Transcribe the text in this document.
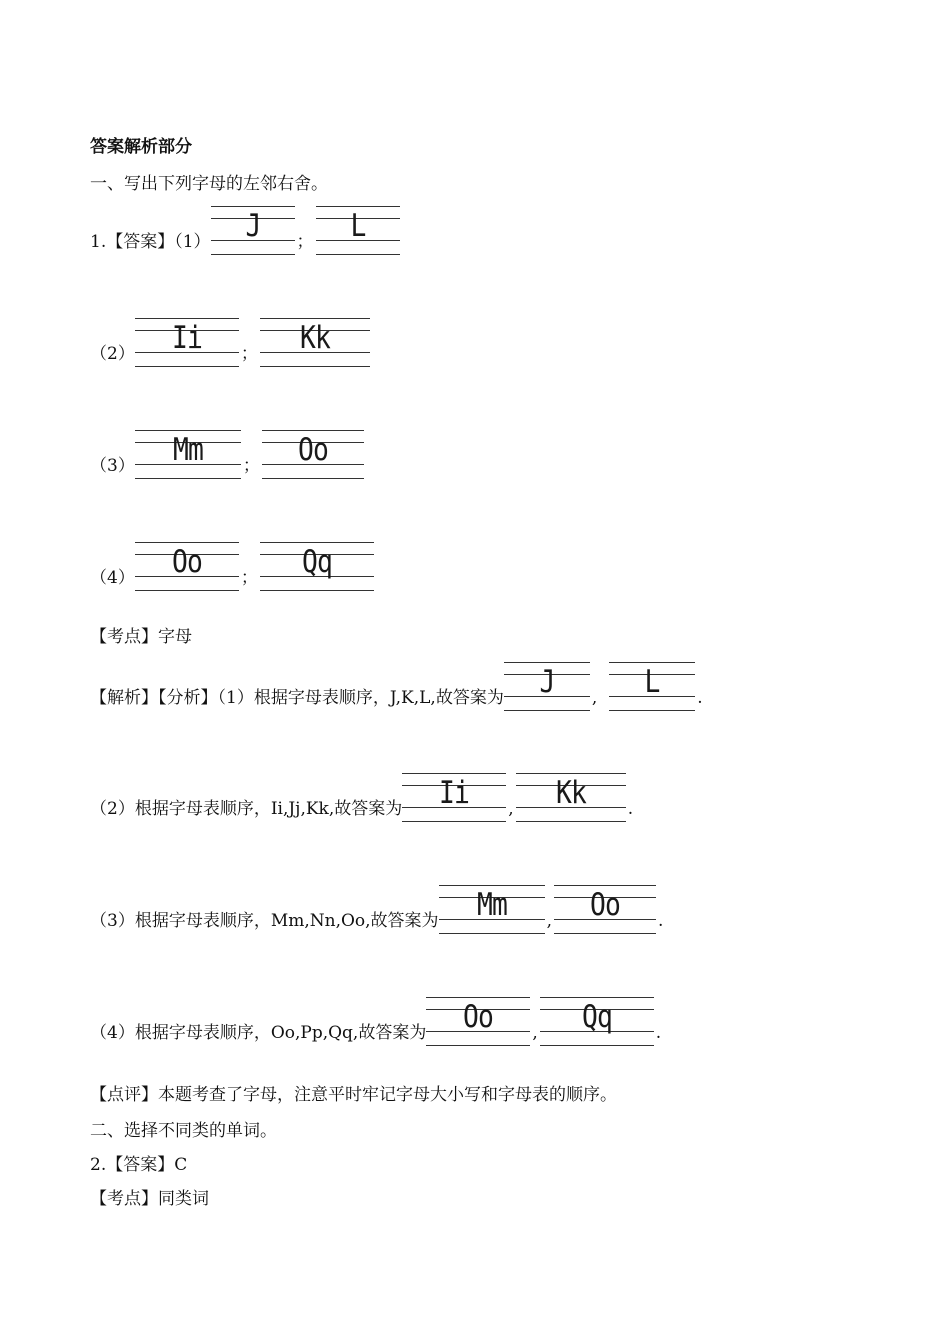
答案解析部分
一、写出下列字母的左邻右舍。
1.【答案】（1）	J	；	L
（2）	Ii	；	Kk
（3）	Mm	；	Oo
（4）	Oo	；	Qq
【考点】字母
【解析】【分析】（1）根据字母表顺序，J,K,L,故答案为	J	,	L	.
（2）根据字母表顺序，Ii,Jj,Kk,故答案为	Ii	,	Kk	.
（3）根据字母表顺序，Mm,Nn,Oo,故答案为	Mm	,	Oo	.
（4）根据字母表顺序，Oo,Pp,Qq,故答案为	Oo	,	Qq	.
【点评】本题考查了字母，注意平时牢记字母大小写和字母表的顺序。
二、选择不同类的单词。
2.【答案】C
【考点】同类词
